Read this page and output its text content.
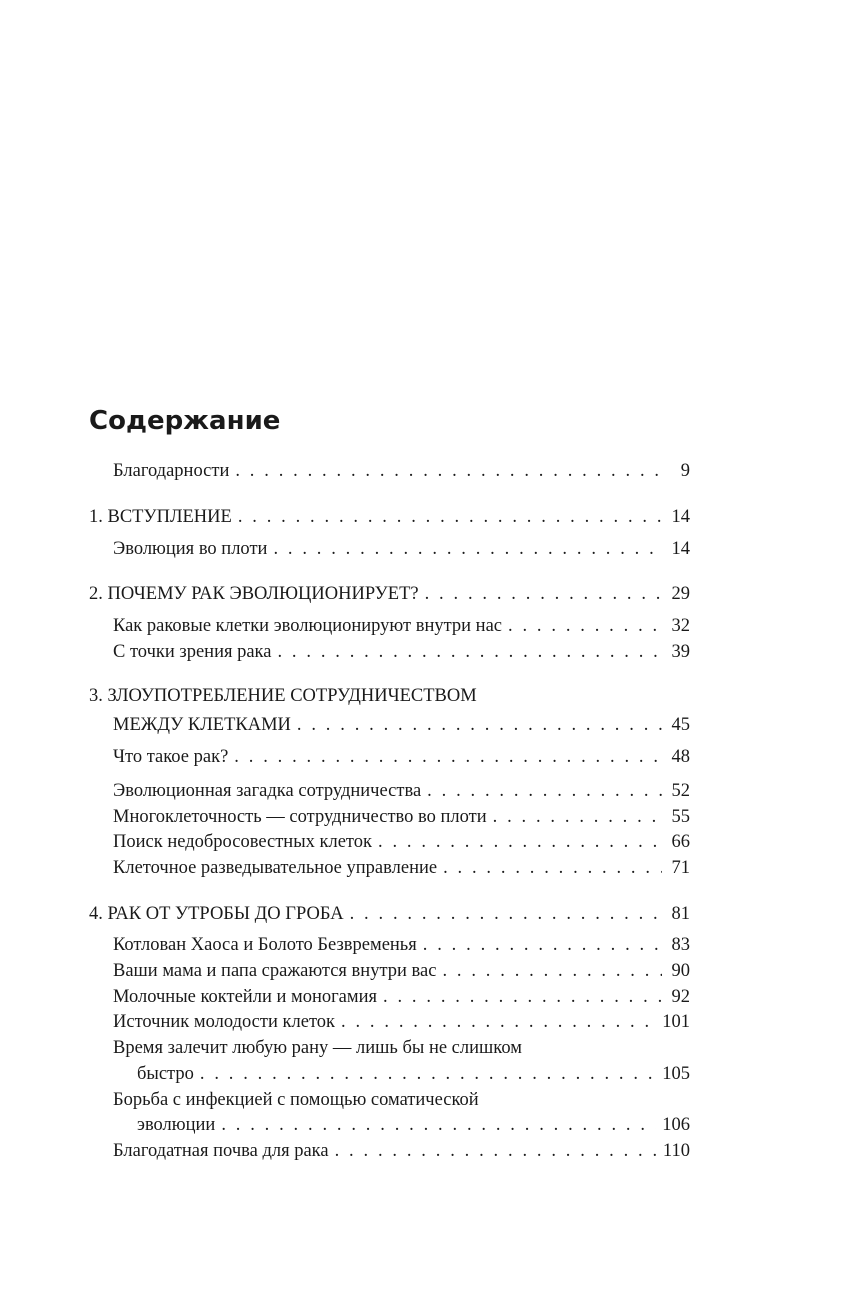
Содержание
Благодарности . . .	9
1. ВСТУПЛЕНИЕ . . .	14
Эволюция во плоти . . .	14
2. ПОЧЕМУ РАК ЭВОЛЮЦИОНИРУЕТ? . . .	29
Как раковые клетки эволюционируют внутри нас . . .	32
С точки зрения рака . . .	39
3. ЗЛОУПОТРЕБЛЕНИЕ СОТРУДНИЧЕСТВОМ
МЕЖДУ КЛЕТКАМИ . . .	45
Что такое рак? . . .	48
Эволюционная загадка сотрудничества . . .	52
Многоклеточность — сотрудничество во плоти . . .	55
Поиск недобросовестных клеток . . .	66
Клеточное разведывательное управление . . .	71
4. РАК ОТ УТРОБЫ ДО ГРОБА . . .	81
Котлован Хаоса и Болото Безвременья . . .	83
Ваши мама и папа сражаются внутри вас . . .	90
Молочные коктейли и моногамия . . .	92
Источник молодости клеток . . .	101
Время залечит любую рану — лишь бы не слишком
быстро . . .	105
Борьба с инфекцией с помощью соматической
эволюции . . .	106
Благодатная почва для рака . . .	110
